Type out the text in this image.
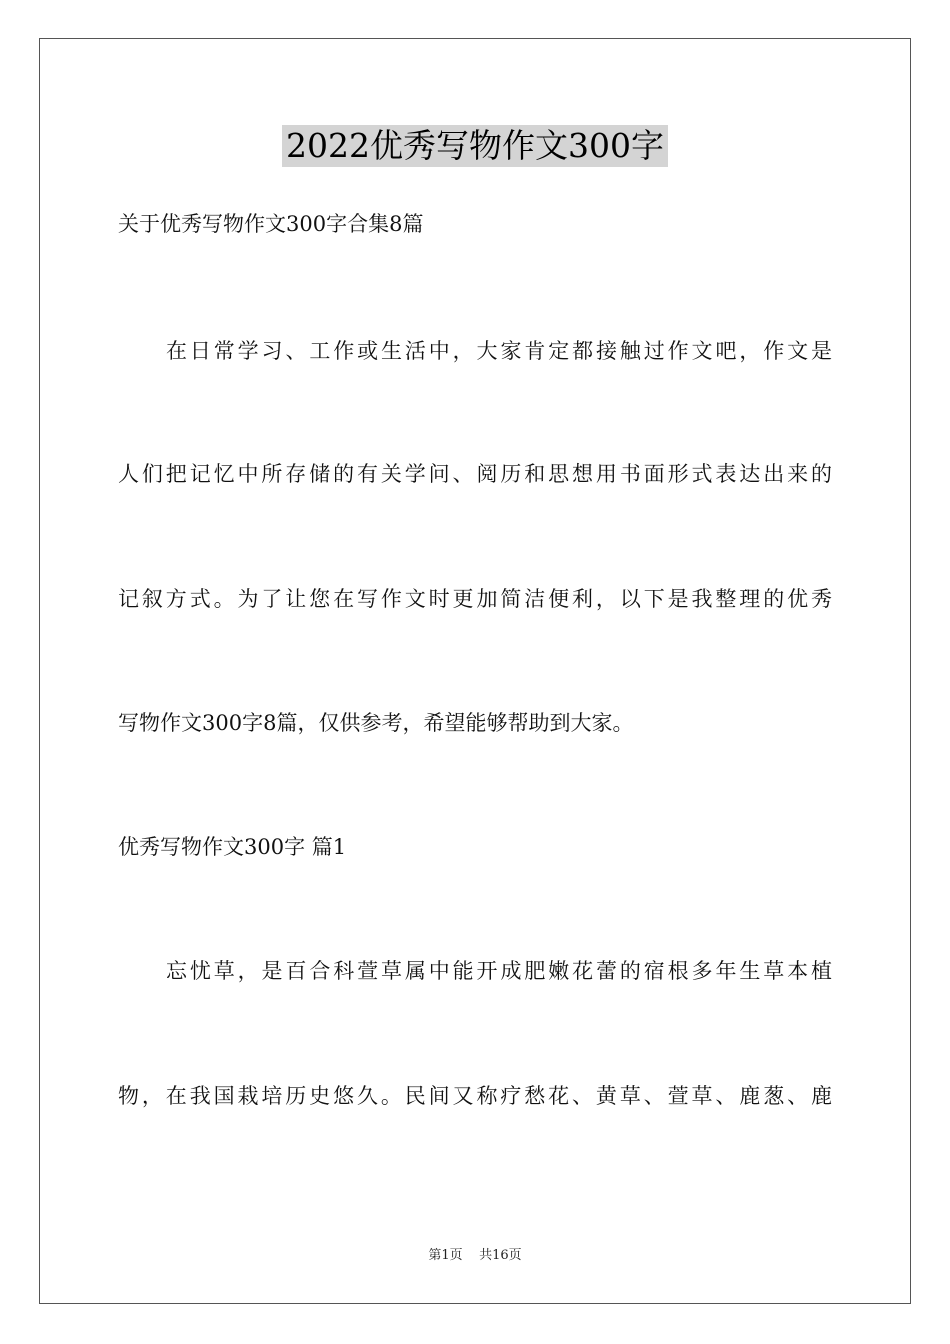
2022优秀写物作文300字
关于优秀写物作文300字合集8篇
在日常学习、工作或生活中，大家肯定都接触过作文吧，作文是
人们把记忆中所存储的有关学问、阅历和思想用书面形式表达出来的
记叙方式。为了让您在写作文时更加简洁便利，以下是我整理的优秀
写物作文300字8篇，仅供参考，希望能够帮助到大家。
优秀写物作文300字 篇1
忘忧草，是百合科萱草属中能开成肥嫩花蕾的宿根多年生草本植
物，在我国栽培历史悠久。民间又称疗愁花、黄草、萱草、鹿葱、鹿
第1页    共16页
